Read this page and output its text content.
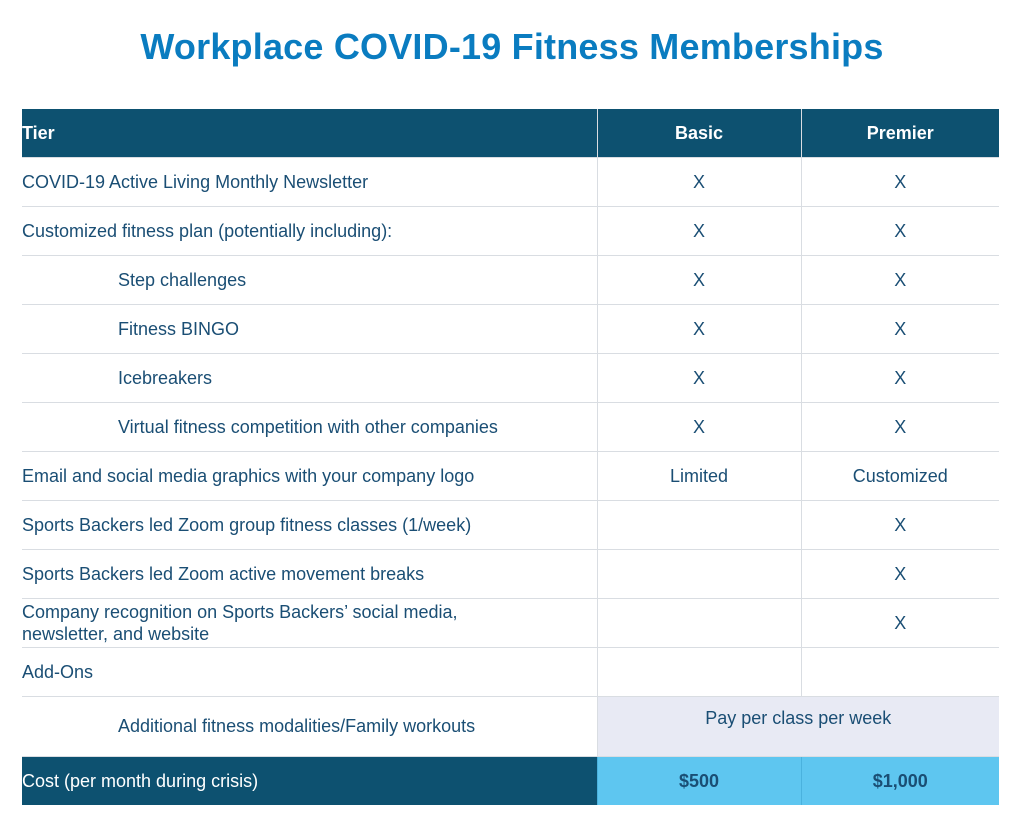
Workplace COVID-19 Fitness Memberships
Tier	Basic	Premier
COVID-19 Active Living Monthly Newsletter	X	X
Customized fitness plan (potentially including):	X	X
Step challenges	X	X
Fitness BINGO	X	X
Icebreakers	X	X
Virtual fitness competition with other companies	X	X
Email and social media graphics with your company logo	Limited	Customized
Sports Backers led Zoom group fitness classes (1/week)		X
Sports Backers led Zoom active movement breaks		X
Company recognition on Sports Backers’ social media,
newsletter, and website		X
Add-Ons		
Additional fitness modalities/Family workouts	Pay per class per week	
Cost (per month during crisis)	$500	$1,000
